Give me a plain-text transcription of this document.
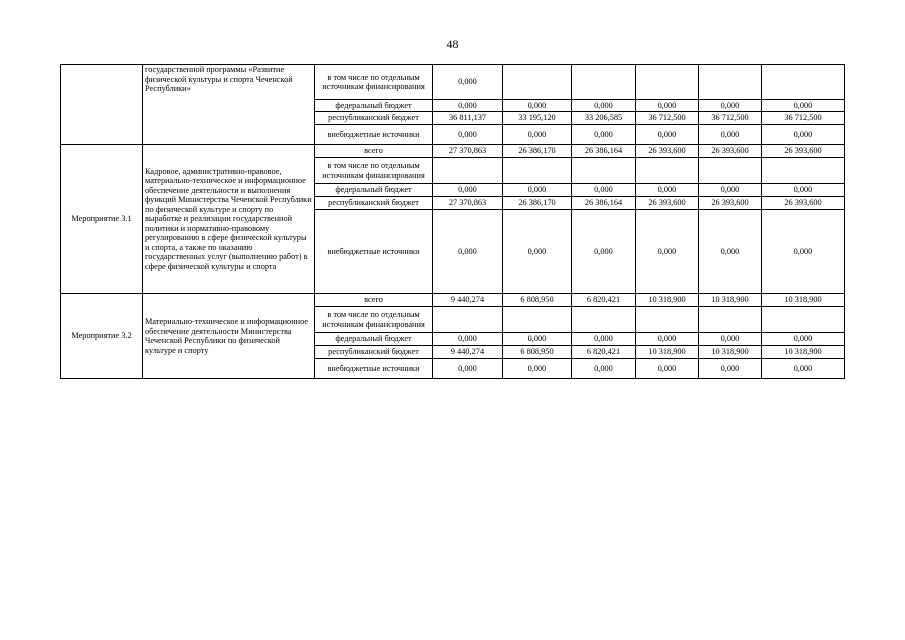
48
	государственной программы «Развитие физической культуры и спорта Чеченской Республики»	в том числе по отдельным источникам финансирования	0,000					
		федеральный бюджет	0,000	0,000	0,000	0,000	0,000	0,000
		республиканский бюджет	36 811,137	33 195,120	33 206,585	36 712,500	36 712,500	36 712,500
		внебюджетные источники	0,000	0,000	0,000	0,000	0,000	0,000
Мероприятие 3.1	Кадровое, административно-правовое, материально-техническое и информационное обеспечение деятельности и выполнения функций Министерства Чеченской Республики по физической культуре и спорту по выработке и реализации государственной политики и нормативно-правовому регулированию в сфере физической культуры и спорта, а также по оказанию государственных услуг (выполнению работ) в сфере физической культуры и спорта	всего	27 370,863	26 386,170	26 386,164	26 393,600	26 393,600	26 393,600
		в том числе по отдельным источникам финансирования						
		федеральный бюджет	0,000	0,000	0,000	0,000	0,000	0,000
		республиканский бюджет	27 370,863	26 386,170	26 386,164	26 393,600	26 393,600	26 393,600
		внебюджетные источники	0,000	0,000	0,000	0,000	0,000	0,000
Мероприятие 3.2	Материально-техническое и информационное обеспечение деятельности Министерства Чеченской Республики по физической культуре и спорту	всего	9 440,274	6 808,950	6 820,421	10 318,900	10 318,900	10 318,900
		в том числе по отдельным источникам финансирования						
		федеральный бюджет	0,000	0,000	0,000	0,000	0,000	0,000
		республиканский бюджет	9 440,274	6 808,950	6 820,421	10 318,900	10 318,900	10 318,900
		внебюджетные источники	0,000	0,000	0,000	0,000	0,000	0,000
